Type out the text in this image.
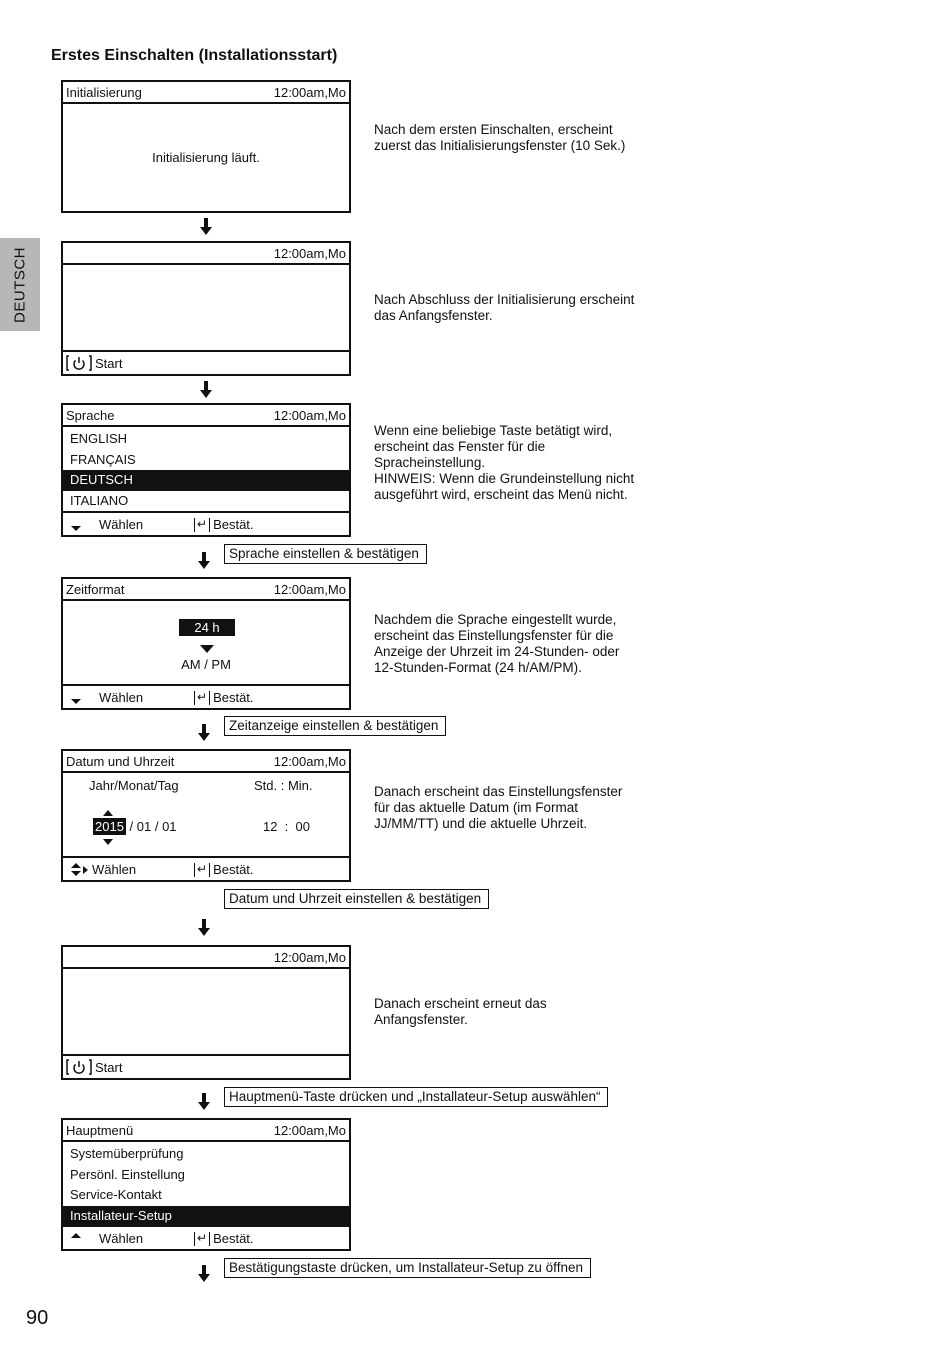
Erstes Einschalten (Installationsstart)
DEUTSCH
Initialisierung	12:00am,Mo
Initialisierung läuft.
Nach dem ersten Einschalten, erscheint zuerst das Initialisierungsfenster (10 Sek.)
12:00am,Mo
Start
Nach Abschluss der Initialisierung erscheint das Anfangsfenster.
Sprache	12:00am,Mo
ENGLISH
FRANÇAIS
DEUTSCH
ITALIANO
Wählen	↵ Bestät.
Wenn eine beliebige Taste betätigt wird, erscheint das Fenster für die Spracheinstellung.
HINWEIS: Wenn die Grundeinstellung nicht ausgeführt wird, erscheint das Menü nicht.
Sprache einstellen & bestätigen
Zeitformat	12:00am,Mo
24 h
AM / PM
Wählen	↵ Bestät.
Nachdem die Sprache eingestellt wurde, erscheint das Einstellungsfenster für die Anzeige der Uhrzeit im 24-Stunden- oder 12-Stunden-Format (24 h/AM/PM).
Zeitanzeige einstellen & bestätigen
Datum und Uhrzeit	12:00am,Mo
Jahr/Monat/Tag	Std. : Min.
2015 / 01 / 01	12  :  00
Wählen	↵ Bestät.
Danach erscheint das Einstellungsfenster für das aktuelle Datum (im Format JJ/MM/TT) und die aktuelle Uhrzeit.
Datum und Uhrzeit einstellen & bestätigen
12:00am,Mo
Start
Danach erscheint erneut das Anfangsfenster.
Hauptmenü-Taste drücken und „Installateur-Setup auswählen“
Hauptmenü	12:00am,Mo
Systemüberprüfung
Persönl. Einstellung
Service-Kontakt
Installateur-Setup
Wählen	↵ Bestät.
Bestätigungstaste drücken, um Installateur-Setup zu öffnen
90
